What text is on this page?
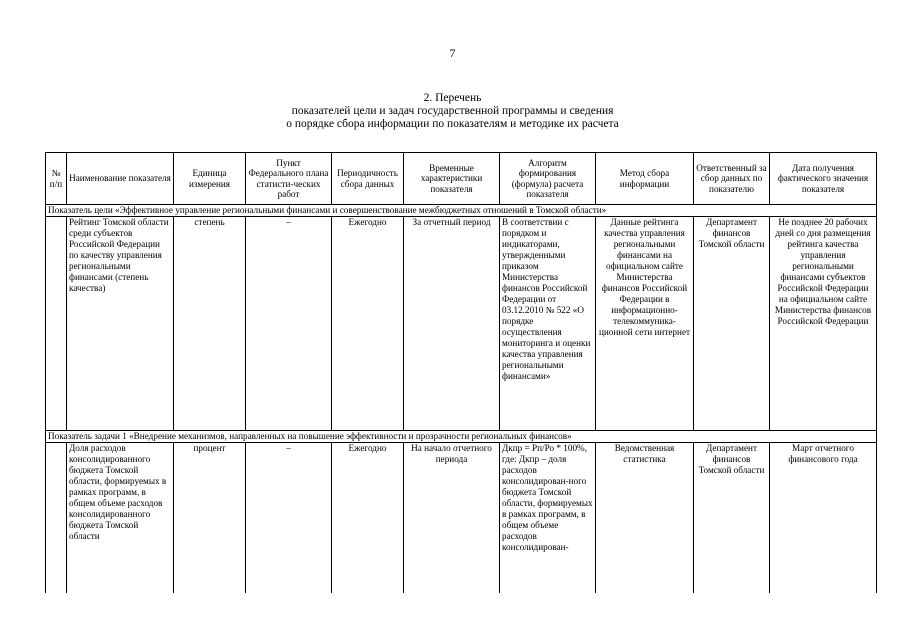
7
2. Перечень
показателей цели и задач государственной программы и сведения
о порядке сбора информации по показателям и методике их расчета
№ п/п	Наименование показателя	Единица измерения	Пункт Федерального плана статисти-ческих работ	Периодичность сбора данных	Временные характеристики показателя	Алгоритм формирования (формула) расчета показателя	Метод сбора информации	Ответственный за сбор данных по показателю	Дата получения фактического значения показателя
Показатель цели «Эффективное управление региональными финансами и совершенствование межбюджетных отношений в Томской области»									
	Рейтинг Томской области среди субъектов Российской Федерации по качеству управления региональными финансами (степень качества)	степень	–	Ежегодно	За отчетный период	В соответствии с порядком и индикаторами, утвержденными приказом Министерства финансов Российской Федерации от 03.12.2010 № 522 «О порядке осуществления мониторинга и оценки качества управления региональными финансами»	Данные рейтинга качества управления региональными финансами на официальном сайте Министерства финансов Российской Федерации в информационно-телекоммуника-ционной сети интернет	Департамент финансов Томской области	Не позднее 20 рабочих дней со дня размещения рейтинга качества управления региональными финансами субъектов Российской Федерации на официальном сайте Министерства финансов Российской Федерации
Показатель задачи 1 «Внедрение механизмов, направленных на повышение эффективности и прозрачности региональных финансов»									
	Доля расходов консолидированного бюджета Томской области, формируемых в рамках программ, в общем объеме расходов консолидированного бюджета Томской области	процент	–	Ежегодно	На начало отчетного периода	Дкпр = Рп/Ро * 100%, где: Дкпр – доля расходов консолидирован-ного бюджета Томской области, формируемых в рамках программ, в общем объеме расходов консолидирован-	Ведомственная статистика	Департамент финансов Томской области	Март отчетного финансового года
